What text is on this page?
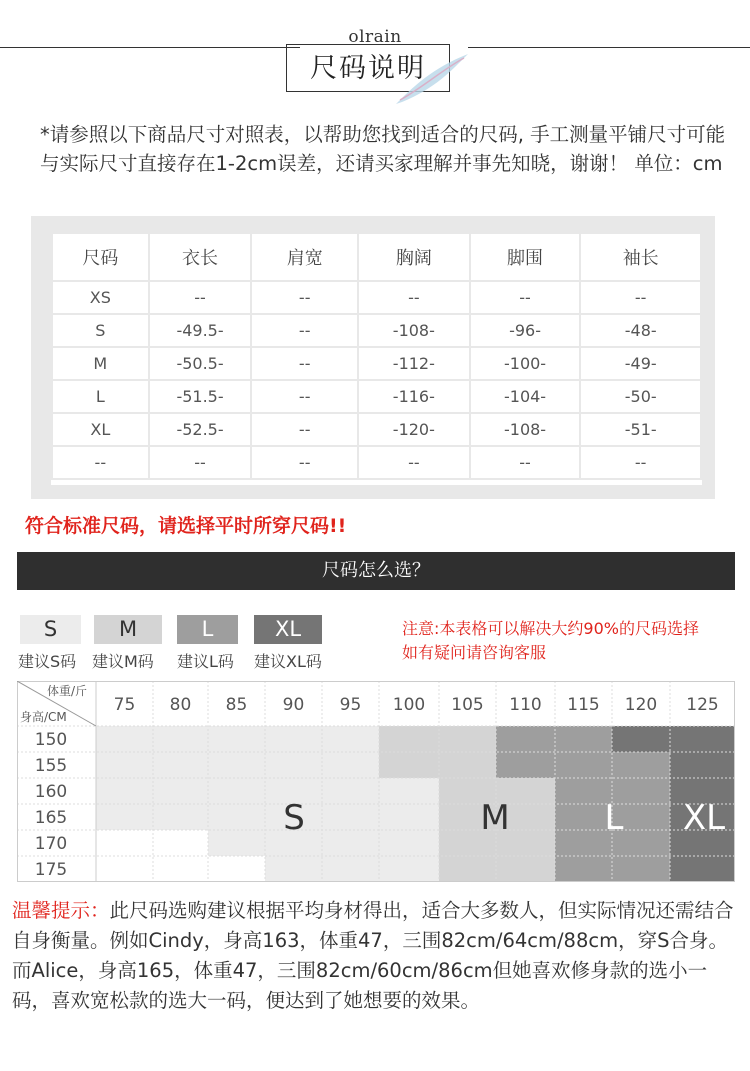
olrain
尺码说明
*请参照以下商品尺寸对照表，以帮助您找到适合的尺码, 手工测量平铺尺寸可能与实际尺寸直接存在1-2cm误差，还请买家理解并事先知晓，谢谢！ 单位：cm
尺码	衣长	肩宽	胸阔	脚围	袖长
XS	--	--	--	--	--
S	-49.5-	--	-108-	-96-	-48-
M	-50.5-	--	-112-	-100-	-49-
L	-51.5-	--	-116-	-104-	-50-
XL	-52.5-	--	-120-	-108-	-51-
--	--	--	--	--	--
符合标准尺码，请选择平时所穿尺码!!
尺码怎么选？
S
建议S码
M
建议M码
L
建议L码
XL
建议XL码
注意:本表格可以解决大约90%的尺码选择
如有疑问请咨询客服
体重/斤
身高/CM
75 80 85 90 95 100 105 110 115 120 125
150
155
160
165
170
175
S	M	L XL
温馨提示：此尺码选购建议根据平均身材得出，适合大多数人，但实际情况还需结合自身衡量。例如Cindy，身高163，体重47，三围82cm/64cm/88cm，穿S合身。而Alice，身高165，体重47，三围82cm/60cm/86cm但她喜欢修身款的选小一码，喜欢宽松款的选大一码，便达到了她想要的效果。
